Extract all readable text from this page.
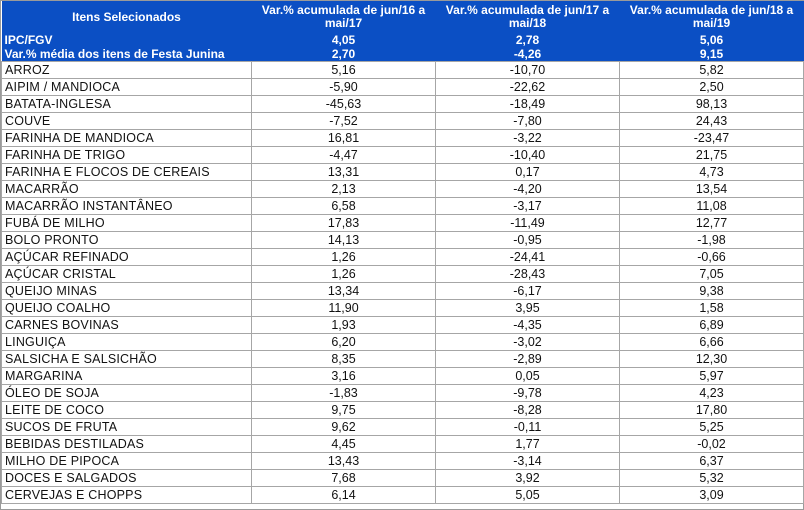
Itens Selecionados	Var.% acumulada de jun/16 a mai/17	Var.% acumulada de jun/17 a mai/18	Var.% acumulada de jun/18 a mai/19
IPC/FGV	4,05	2,78	5,06
Var.% média dos itens de Festa Junina	2,70	-4,26	9,15
ARROZ	5,16	-10,70	5,82
AIPIM / MANDIOCA	-5,90	-22,62	2,50
BATATA-INGLESA	-45,63	-18,49	98,13
COUVE	-7,52	-7,80	24,43
FARINHA DE MANDIOCA	16,81	-3,22	-23,47
FARINHA DE TRIGO	-4,47	-10,40	21,75
FARINHA E FLOCOS DE CEREAIS	13,31	0,17	4,73
MACARRÃO	2,13	-4,20	13,54
MACARRÃO INSTANTÂNEO	6,58	-3,17	11,08
FUBÁ DE MILHO	17,83	-11,49	12,77
BOLO PRONTO	14,13	-0,95	-1,98
AÇÚCAR REFINADO	1,26	-24,41	-0,66
AÇÚCAR CRISTAL	1,26	-28,43	7,05
QUEIJO MINAS	13,34	-6,17	9,38
QUEIJO COALHO	11,90	3,95	1,58
CARNES BOVINAS	1,93	-4,35	6,89
LINGUIÇA	6,20	-3,02	6,66
SALSICHA E SALSICHÃO	8,35	-2,89	12,30
MARGARINA	3,16	0,05	5,97
ÓLEO DE SOJA	-1,83	-9,78	4,23
LEITE DE COCO	9,75	-8,28	17,80
SUCOS DE FRUTA	9,62	-0,11	5,25
BEBIDAS DESTILADAS	4,45	1,77	-0,02
MILHO DE PIPOCA	13,43	-3,14	6,37
DOCES E SALGADOS	7,68	3,92	5,32
CERVEJAS E CHOPPS	6,14	5,05	3,09
